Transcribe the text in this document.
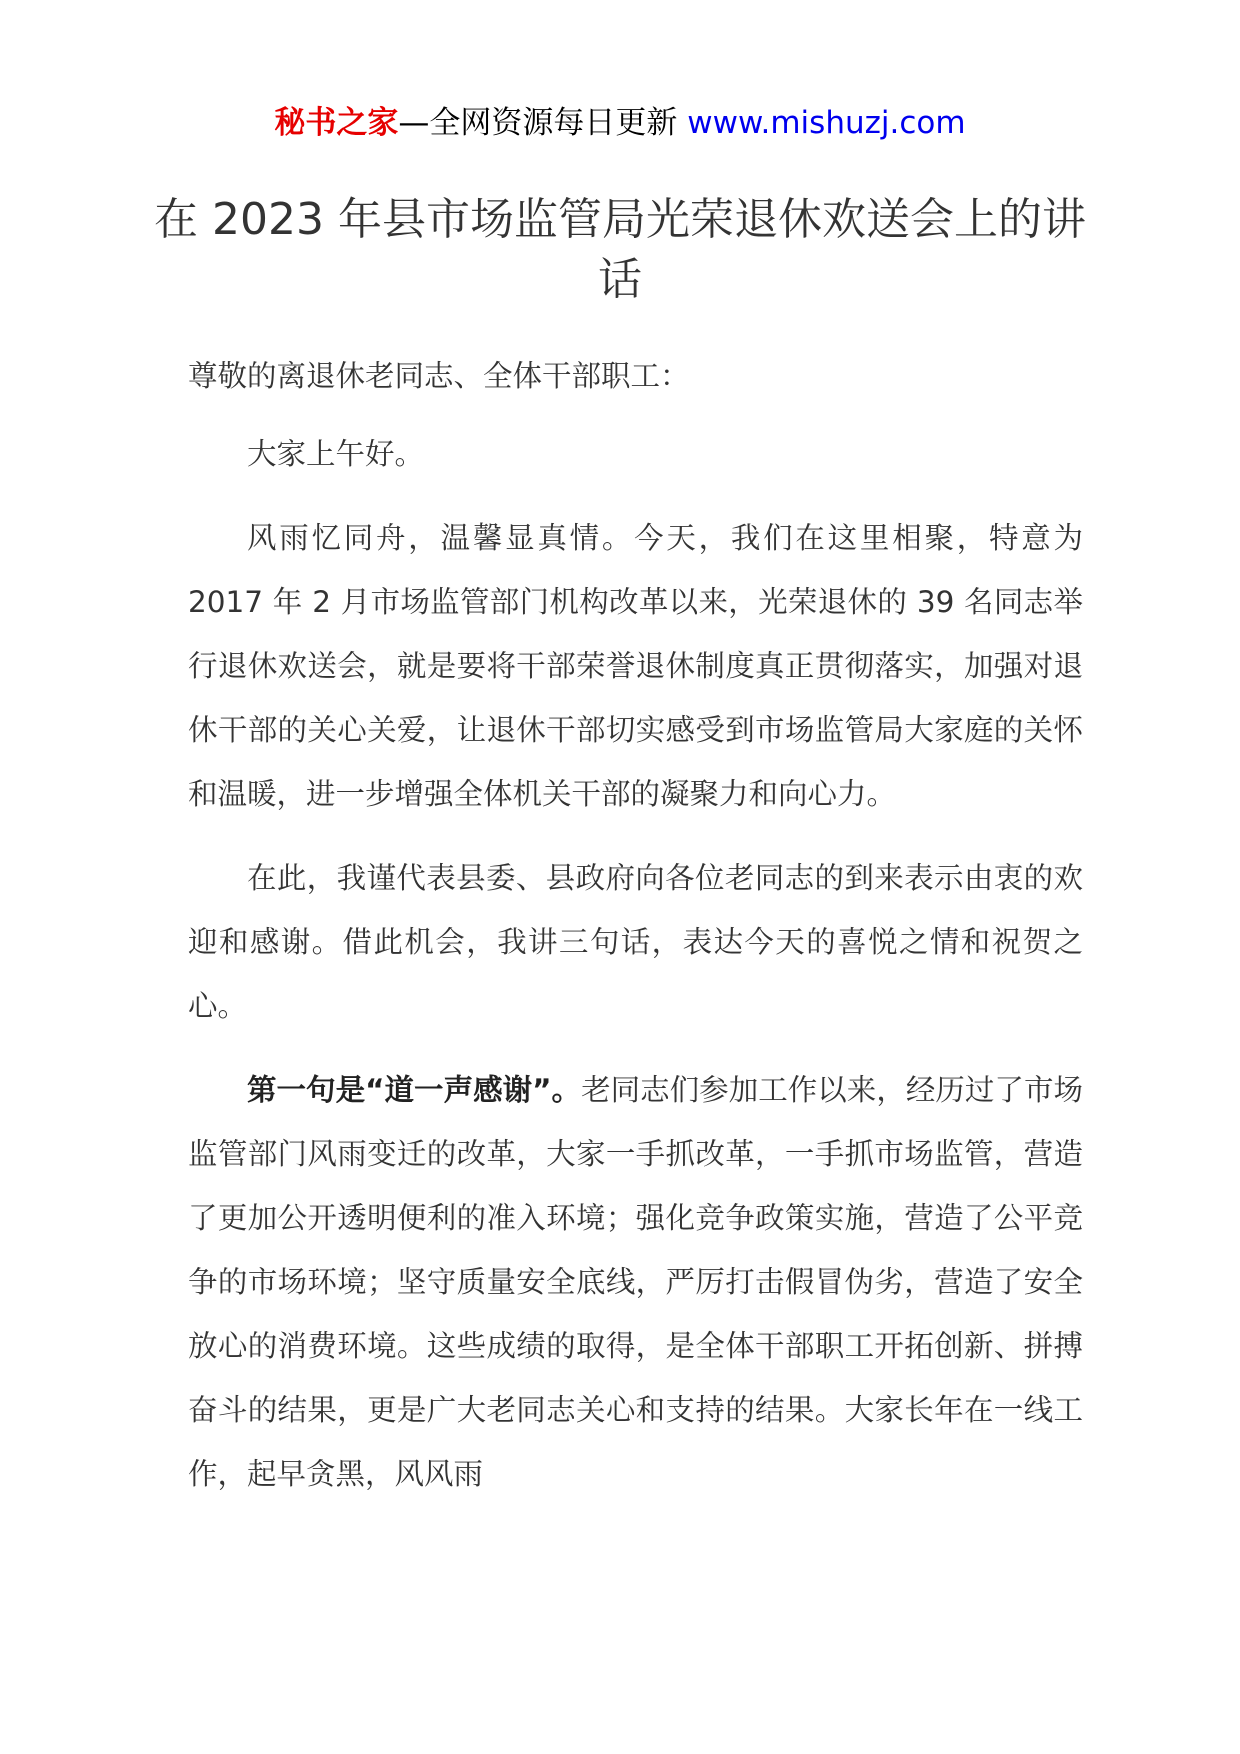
秘书之家—全网资源每日更新 www.mishuzj.com
在 2023 年县市场监管局光荣退休欢送会上的讲话

尊敬的离退休老同志、全体干部职工：

大家上午好。

风雨忆同舟，温馨显真情。今天，我们在这里相聚，特意为 2017 年 2 月市场监管部门机构改革以来，光荣退休的 39 名同志举行退休欢送会，就是要将干部荣誉退休制度真正贯彻落实，加强对退休干部的关心关爱，让退休干部切实感受到市场监管局大家庭的关怀和温暖，进一步增强全体机关干部的凝聚力和向心力。

在此，我谨代表县委、县政府向各位老同志的到来表示由衷的欢迎和感谢。借此机会，我讲三句话，表达今天的喜悦之情和祝贺之心。

第一句是“道一声感谢”。老同志们参加工作以来，经历过了市场监管部门风雨变迁的改革，大家一手抓改革，一手抓市场监管，营造了更加公开透明便利的准入环境；强化竞争政策实施，营造了公平竞争的市场环境；坚守质量安全底线，严厉打击假冒伪劣，营造了安全放心的消费环境。这些成绩的取得，是全体干部职工开拓创新、拼搏奋斗的结果，更是广大老同志关心和支持的结果。大家长年在一线工作，起早贪黑，风风雨
